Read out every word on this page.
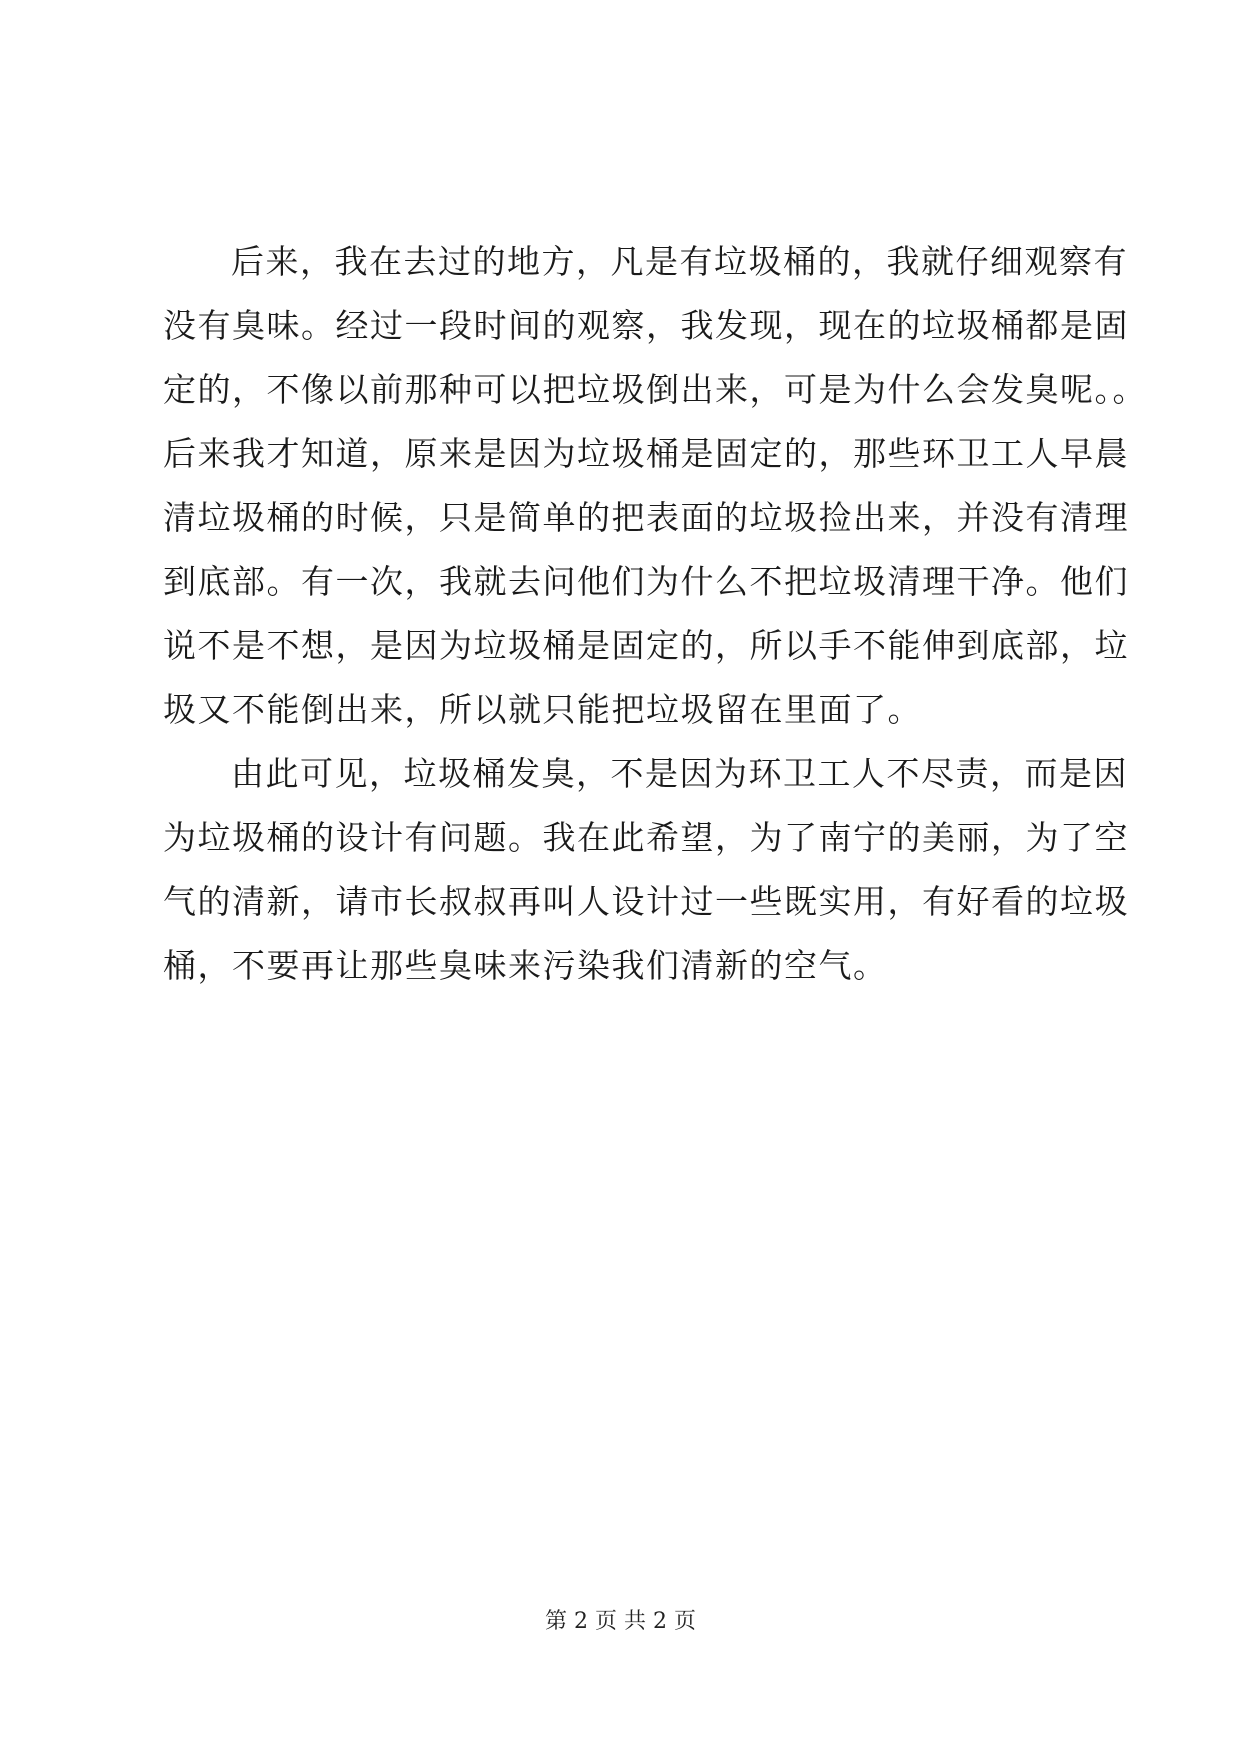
后来，我在去过的地方，凡是有垃圾桶的，我就仔细观察有
没有臭味。经过一段时间的观察，我发现，现在的垃圾桶都是固
定的，不像以前那种可以把垃圾倒出来，可是为什么会发臭呢。。
后来我才知道，原来是因为垃圾桶是固定的，那些环卫工人早晨
清垃圾桶的时候，只是简单的把表面的垃圾捡出来，并没有清理
到底部。有一次，我就去问他们为什么不把垃圾清理干净。他们
说不是不想，是因为垃圾桶是固定的，所以手不能伸到底部，垃
圾又不能倒出来，所以就只能把垃圾留在里面了。
由此可见，垃圾桶发臭，不是因为环卫工人不尽责，而是因
为垃圾桶的设计有问题。我在此希望，为了南宁的美丽，为了空
气的清新，请市长叔叔再叫人设计过一些既实用，有好看的垃圾
桶，不要再让那些臭味来污染我们清新的空气。
第 2 页 共 2 页
